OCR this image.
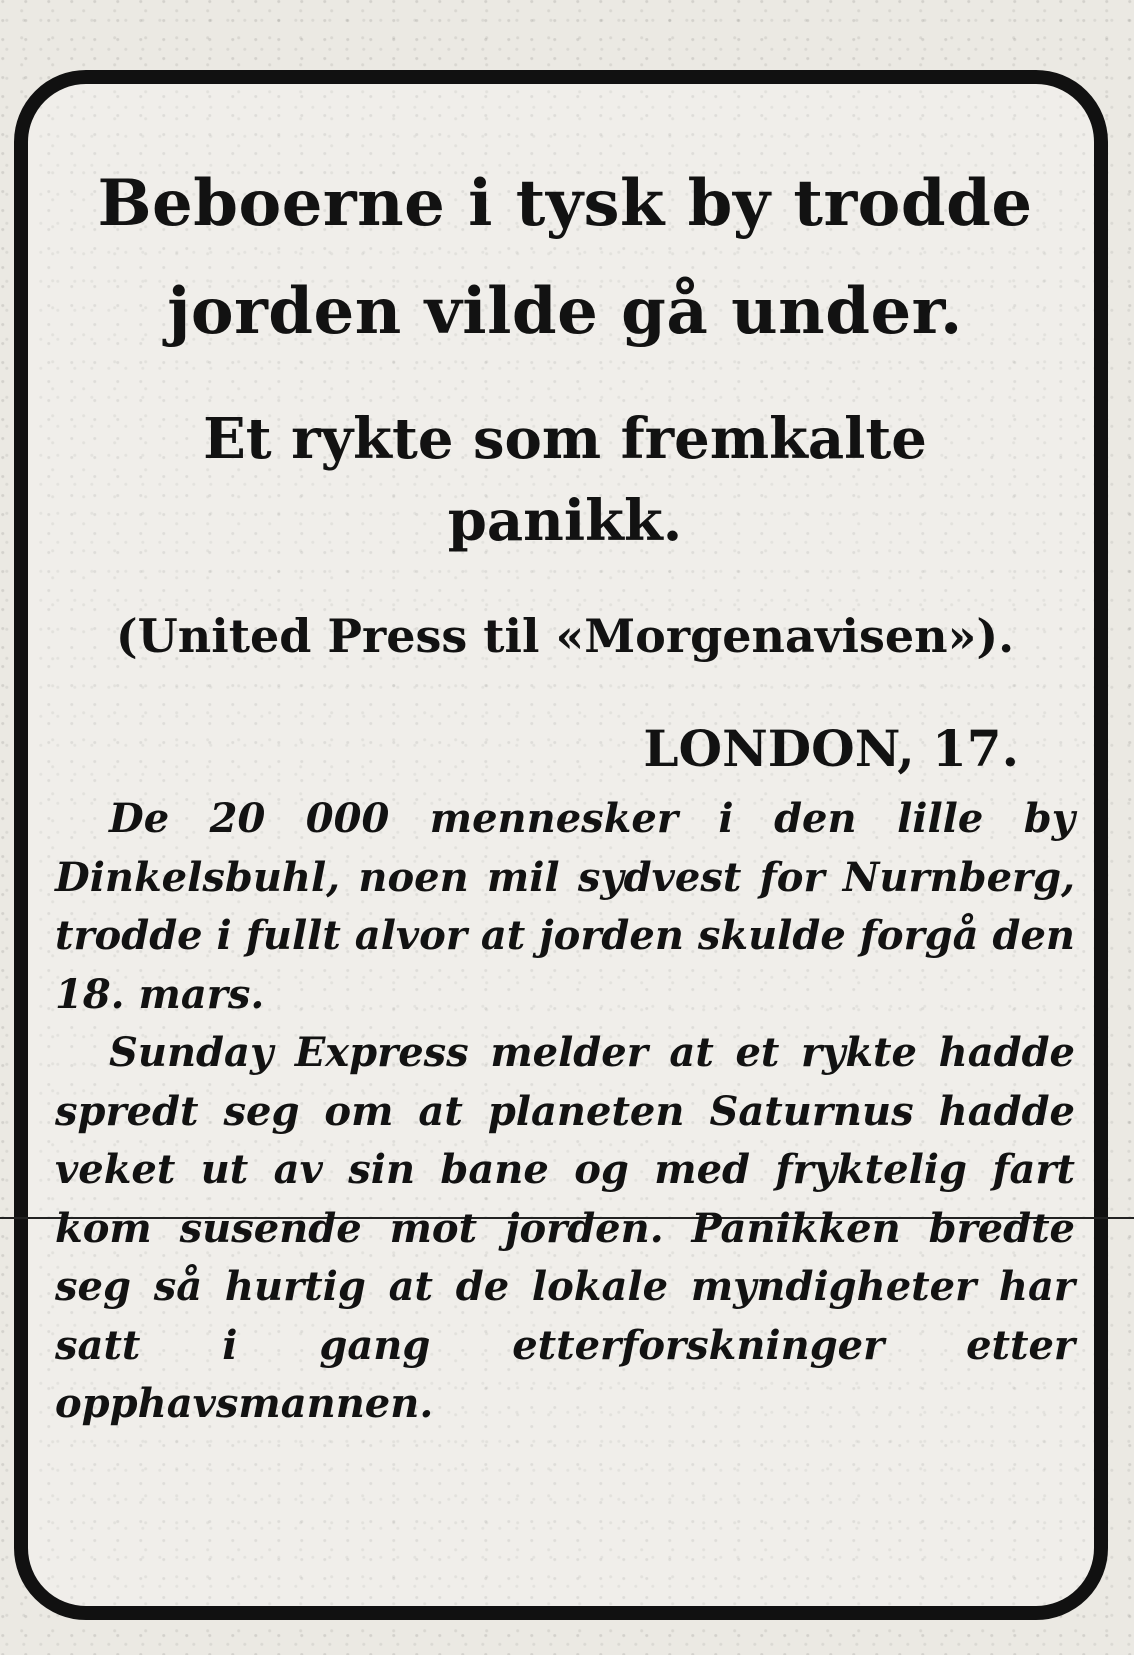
Beboerne i tysk by trodde jorden vilde gå under.
Et rykte som fremkalte panikk.

(United Press til «Morgenavisen»).

LONDON, 17.

De 20 000 mennesker i den lille by Dinkelsbuhl, noen mil sydvest for Nurnberg, trodde i fullt alvor at jorden skulde forgå den 18. mars.

Sunday Express melder at et rykte hadde spredt seg om at planeten Saturnus hadde veket ut av sin bane og med fryktelig fart kom susende mot jorden. Panikken bredte seg så hurtig at de lokale myndigheter har satt i gang etterforskninger etter opphavsmannen.
